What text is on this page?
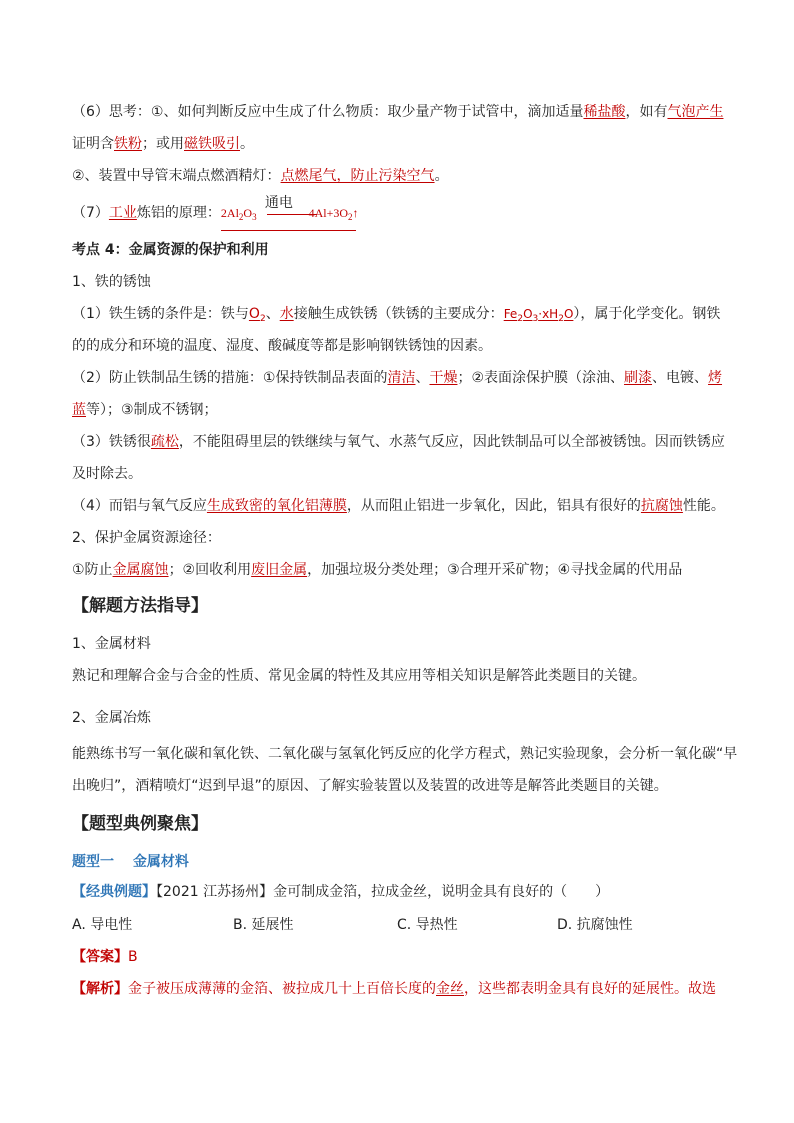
（6）思考：①、如何判断反应中生成了什么物质：取少量产物于试管中，滴加适量稀盐酸，如有气泡产生
证明含铁粉；或用磁铁吸引。
②、装置中导管末端点燃酒精灯：点燃尾气，防止污染空气。
（7）工业炼铝的原理：$2Al_2O_3$
通电
$4Al+3O_2↑$
考点 4：金属资源的保护和利用
1、铁的锈蚀
（1）铁生锈的条件是：铁与$O_2$、水接触生成铁锈（铁锈的主要成分：$Fe_2O_3\cdot xH_2O$），属于化学变化。钢铁
的的成分和环境的温度、湿度、酸碱度等都是影响钢铁锈蚀的因素。
（2）防止铁制品生锈的措施：①保持铁制品表面的清洁、干燥；②表面涂保护膜（涂油、刷漆、电镀、烤
蓝等）；③制成不锈钢；
（3）铁锈很疏松，不能阻碍里层的铁继续与氧气、水蒸气反应，因此铁制品可以全部被锈蚀。因而铁锈应
及时除去。
（4）而铝与氧气反应生成致密的氧化铝薄膜，从而阻止铝进一步氧化，因此，铝具有很好的抗腐蚀性能。
2、保护金属资源途径：
①防止金属腐蚀；②回收利用废旧金属，加强垃圾分类处理；③合理开采矿物；④寻找金属的代用品
【解题方法指导】
1、金属材料
熟记和理解合金与合金的性质、常见金属的特性及其应用等相关知识是解答此类题目的关键。
2、金属冶炼
能熟练书写一氧化碳和氧化铁、二氧化碳与氢氧化钙反应的化学方程式，熟记实验现象，会分析一氧化碳“早
出晚归”，酒精喷灯“迟到早退”的原因、了解实验装置以及装置的改进等是解答此类题目的关键。
【题型典例聚焦】
题型一　 金属材料
【经典例题】【2021 江苏扬州】金可制成金箔，拉成金丝，说明金具有良好的（　　）
A. 导电性	B. 延展性	C. 导热性	D. 抗腐蚀性
【答案】B
【解析】金子被压成薄薄的金箔、被拉成几十上百倍长度的金丝，这些都表明金具有良好的延展性。故选
